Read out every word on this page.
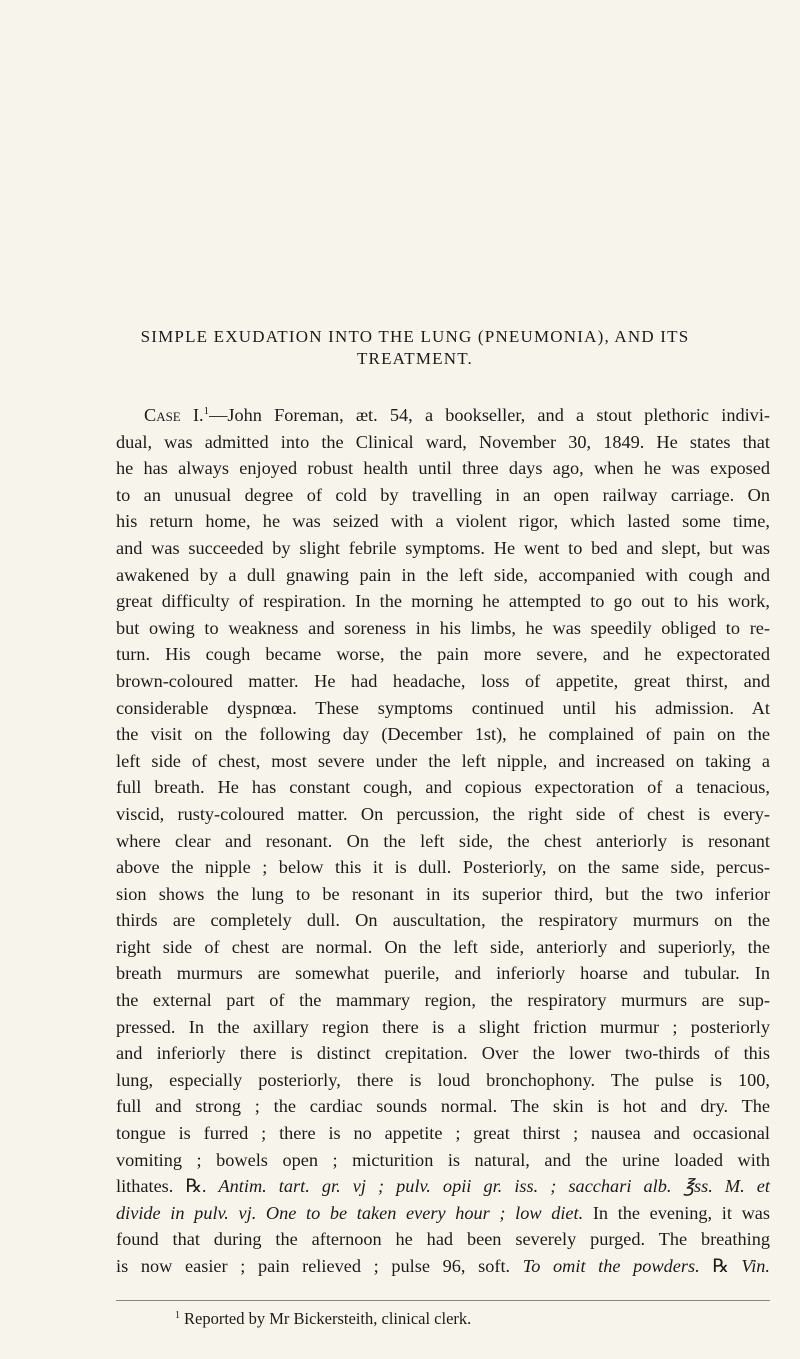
SIMPLE EXUDATION INTO THE LUNG (PNEUMONIA), AND ITS
TREATMENT.
Case I.$^1$—John Foreman, æt. 54, a bookseller, and a stout plethoric indivi-
dual, was admitted into the Clinical ward, November 30, 1849. He states that
he has always enjoyed robust health until three days ago, when he was exposed
to an unusual degree of cold by travelling in an open railway carriage. On
his return home, he was seized with a violent rigor, which lasted some time,
and was succeeded by slight febrile symptoms. He went to bed and slept, but was
awakened by a dull gnawing pain in the left side, accompanied with cough and
great difficulty of respiration. In the morning he attempted to go out to his work,
but owing to weakness and soreness in his limbs, he was speedily obliged to re-
turn. His cough became worse, the pain more severe, and he expectorated
brown-coloured matter. He had headache, loss of appetite, great thirst, and
considerable dyspnœa. These symptoms continued until his admission. At
the visit on the following day (December 1st), he complained of pain on the
left side of chest, most severe under the left nipple, and increased on taking a
full breath. He has constant cough, and copious expectoration of a tenacious,
viscid, rusty-coloured matter. On percussion, the right side of chest is every-
where clear and resonant. On the left side, the chest anteriorly is resonant
above the nipple ; below this it is dull. Posteriorly, on the same side, percus-
sion shows the lung to be resonant in its superior third, but the two inferior
thirds are completely dull. On auscultation, the respiratory murmurs on the
right side of chest are normal. On the left side, anteriorly and superiorly, the
breath murmurs are somewhat puerile, and inferiorly hoarse and tubular. In
the external part of the mammary region, the respiratory murmurs are sup-
pressed. In the axillary region there is a slight friction murmur ; posteriorly
and inferiorly there is distinct crepitation. Over the lower two-thirds of this
lung, especially posteriorly, there is loud bronchophony. The pulse is 100,
full and strong ; the cardiac sounds normal. The skin is hot and dry. The
tongue is furred ; there is no appetite ; great thirst ; nausea and occasional
vomiting ; bowels open ; micturition is natural, and the urine loaded with
lithates. ℞. Antim. tart. gr. vj ; pulv. opii gr. iss. ; sacchari alb. ℥ss. M. et
divide in pulv. vj. One to be taken every hour ; low diet. In the evening, it was
found that during the afternoon he had been severely purged. The breathing
is now easier ; pain relieved ; pulse 96, soft. To omit the powders. ℞ Vin.
$^1$ Reported by Mr Bickersteith, clinical clerk.
